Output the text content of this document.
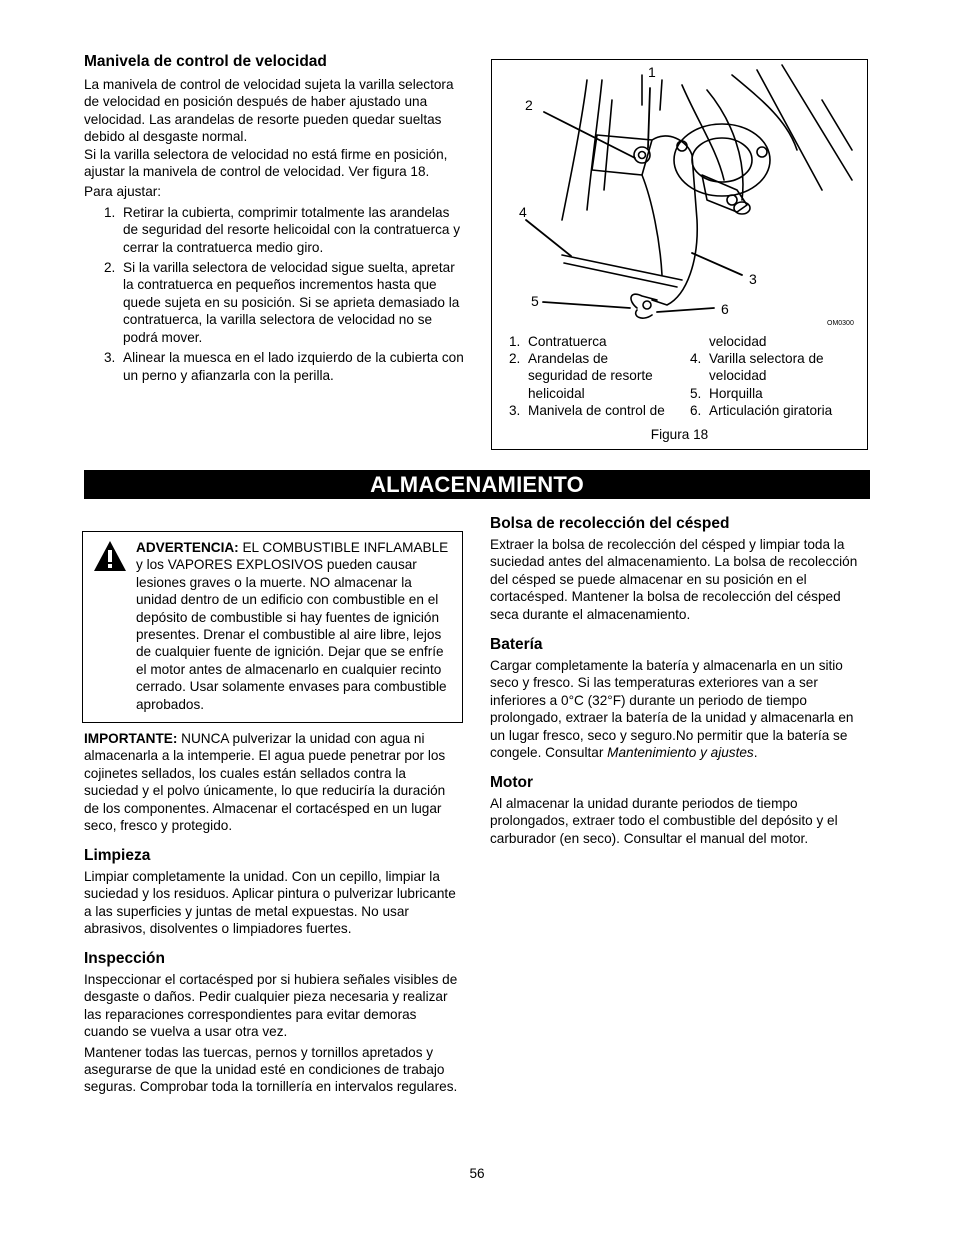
Manivela de control de velocidad

La manivela de control de velocidad sujeta la varilla selectora de velocidad en posición después de haber ajustado una velocidad. Las arandelas de resorte pueden quedar sueltas debido al desgaste normal.

Si la varilla selectora de velocidad no está firme en posición, ajustar la manivela de control de velocidad. Ver figura 18.

Para ajustar:

1. Retirar la cubierta, comprimir totalmente las arandelas de seguridad del resorte helicoidal con la contratuerca y cerrar la contratuerca medio giro.
2. Si la varilla selectora de velocidad sigue suelta, apretar la contratuerca en pequeños incrementos hasta que quede sujeta en su posición. Si se aprieta demasiado la contratuerca, la varilla selectora de velocidad no se podrá mover.
3. Alinear la muesca en el lado izquierdo de la cubierta con un perno y afianzarla con la perilla.
1
2
3
4
5	6
OM0300
1. Contratuerca
2. Arandelas de seguridad de resorte helicoidal
3. Manivela de control de
velocidad
4. Varilla selectora de velocidad
5. Horquilla
6. Articulación giratoria
Figura 18
ALMACENAMIENTO

ADVERTENCIA: EL COMBUSTIBLE INFLAMABLE y los VAPORES EXPLOSIVOS pueden causar lesiones graves o la muerte. NO almacenar la unidad dentro de un edificio con combustible en el depósito de combustible si hay fuentes de ignición presentes. Drenar el combustible al aire libre, lejos de cualquier fuente de ignición. Dejar que se enfríe el motor antes de almacenarlo en cualquier recinto cerrado. Usar solamente envases para combustible aprobados.

IMPORTANTE: NUNCA pulverizar la unidad con agua ni almacenarla a la intemperie. El agua puede penetrar por los cojinetes sellados, los cuales están sellados contra la suciedad y el polvo únicamente, lo que reduciría la duración de los componentes. Almacenar el cortacésped en un lugar seco, fresco y protegido.

Limpieza

Limpiar completamente la unidad. Con un cepillo, limpiar la suciedad y los residuos. Aplicar pintura o pulverizar lubricante a las superficies y juntas de metal expuestas. No usar abrasivos, disolventes o limpiadores fuertes.

Inspección

Inspeccionar el cortacésped por si hubiera señales visibles de desgaste o daños. Pedir cualquier pieza necesaria y realizar las reparaciones correspondientes para evitar demoras cuando se vuelva a usar otra vez.

Mantener todas las tuercas, pernos y tornillos apretados y asegurarse de que la unidad esté en condiciones de trabajo seguras. Comprobar toda la tornillería en intervalos regulares.

Bolsa de recolección del césped

Extraer la bolsa de recolección del césped y limpiar toda la suciedad antes del almacenamiento. La bolsa de recolección del césped se puede almacenar en su posición en el cortacésped. Mantener la bolsa de recolección del césped seca durante el almacenamiento.

Batería

Cargar completamente la batería y almacenarla en un sitio seco y fresco. Si las temperaturas exteriores van a ser inferiores a 0°C (32°F) durante un periodo de tiempo prolongado, extraer la batería de la unidad y almacenarla en un lugar fresco, seco y seguro.No permitir que la batería se congele. Consultar Mantenimiento y ajustes.

Motor

Al almacenar la unidad durante periodos de tiempo prolongados, extraer todo el combustible del depósito y el carburador (en seco). Consultar el manual del motor.

56
